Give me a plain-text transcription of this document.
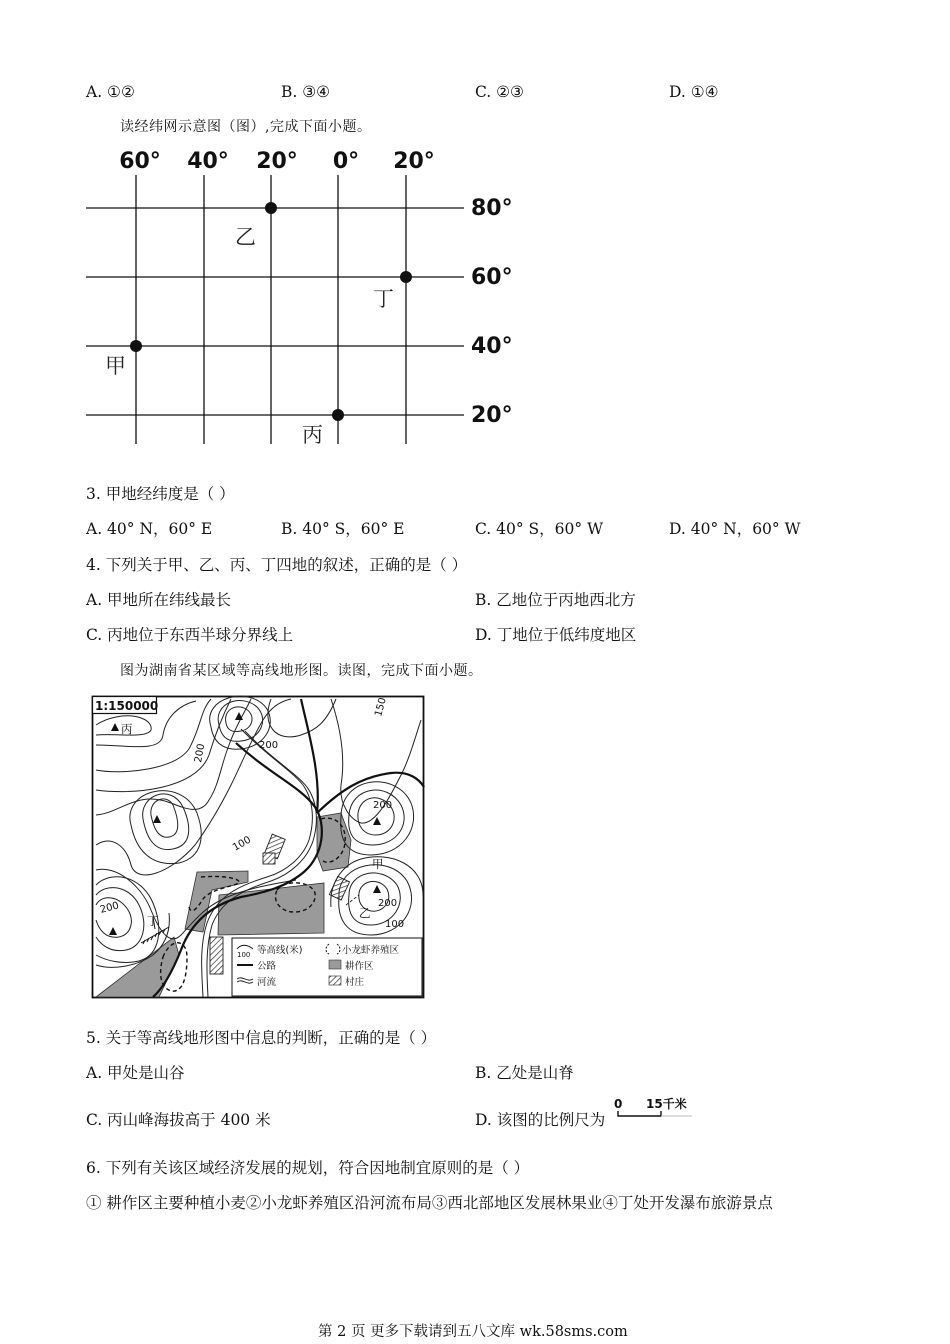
A. ①②	B. ③④	C. ②③	D. ①④
读经纬网示意图（图）,完成下面小题。
60° 40° 20° 0° 20°
80°
60°
40°
20°
乙
丁
甲
丙
3. 甲地经纬度是（ ）
A. 40° N，60° E	B. 40° S，60° E	C. 40° S，60° W	D. 40° N，60° W
4. 下列关于甲、乙、丙、丁四地的叙述，正确的是（ ）
A. 甲地所在纬线最长	B. 乙地位于丙地西北方
C. 丙地位于东西半球分界线上	D. 丁地位于低纬度地区
图为湖南省某区域等高线地形图。读图，完成下面小题。
1:150000
丙
甲
乙
丁
200	200
150
100
200
200
200
100
100 等高线(米)	小龙虾养殖区
公路	耕作区
河流	村庄
5. 关于等高线地形图中信息的判断，正确的是（ ）
A. 甲处是山谷	B. 乙处是山脊
C. 丙山峰海拔高于 400 米	D. 该图的比例尺为
0 15千米
6. 下列有关该区域经济发展的规划，符合因地制宜原则的是（ ）
① 耕作区主要种植小麦②小龙虾养殖区沿河流布局③西北部地区发展林果业④丁处开发瀑布旅游景点
第 2 页 更多下载请到五八文库 wk.58sms.com
